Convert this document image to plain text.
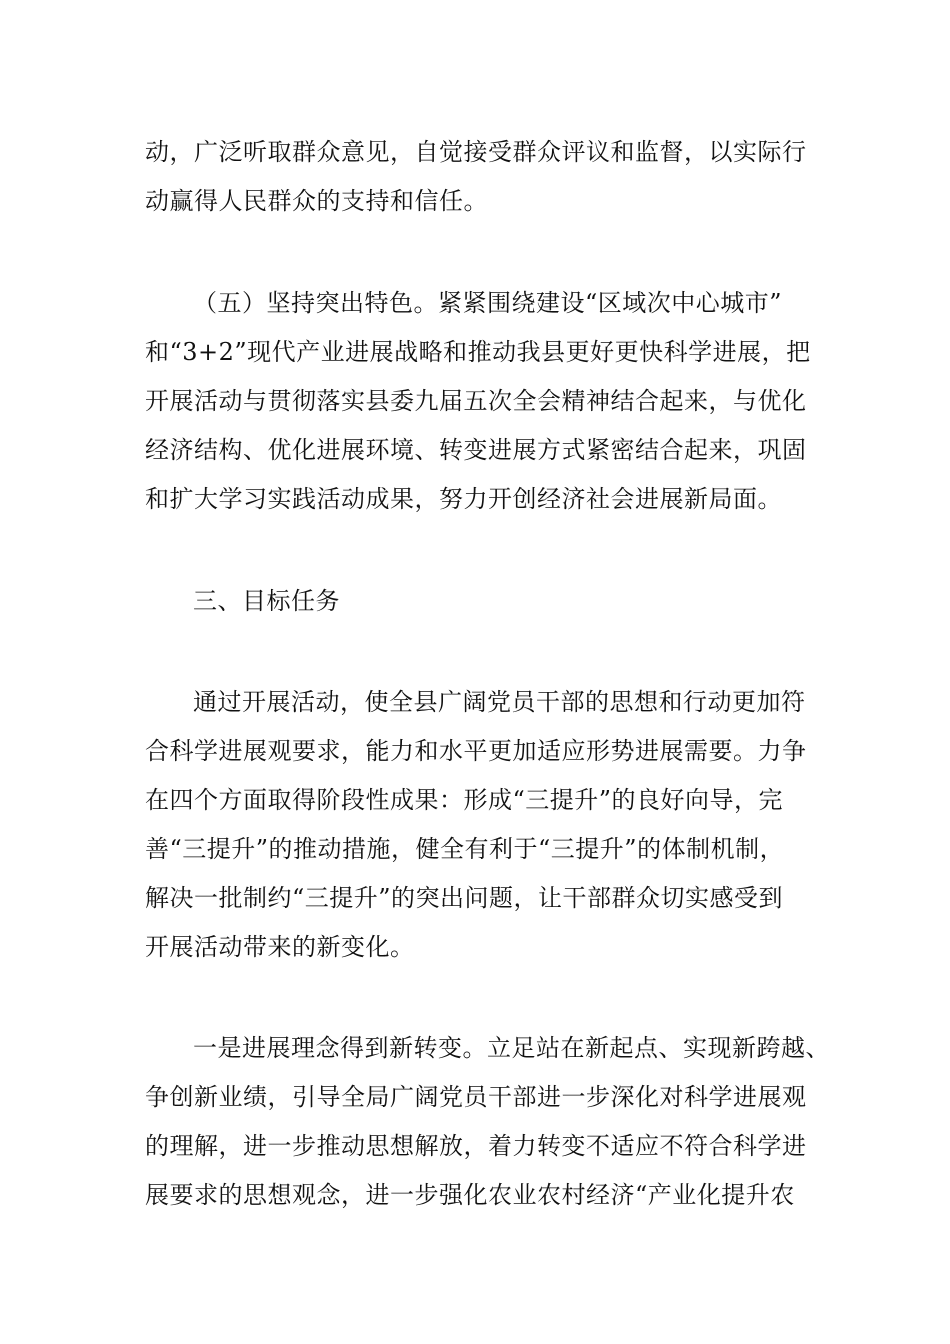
动，广泛听取群众意见，自觉接受群众评议和监督，以实际行
动赢得人民群众的支持和信任。
（五）坚持突出特色。紧紧围绕建设“区域次中心城市”
和“3+2”现代产业进展战略和推动我县更好更快科学进展，把
开展活动与贯彻落实县委九届五次全会精神结合起来，与优化
经济结构、优化进展环境、转变进展方式紧密结合起来，巩固
和扩大学习实践活动成果，努力开创经济社会进展新局面。
三、目标任务
通过开展活动，使全县广阔党员干部的思想和行动更加符
合科学进展观要求，能力和水平更加适应形势进展需要。力争
在四个方面取得阶段性成果：形成“三提升”的良好向导，完
善“三提升”的推动措施，健全有利于“三提升”的体制机制，
解决一批制约“三提升”的突出问题，让干部群众切实感受到
开展活动带来的新变化。
一是进展理念得到新转变。立足站在新起点、实现新跨越、
争创新业绩，引导全局广阔党员干部进一步深化对科学进展观
的理解，进一步推动思想解放，着力转变不适应不符合科学进
展要求的思想观念，进一步强化农业农村经济“产业化提升农
